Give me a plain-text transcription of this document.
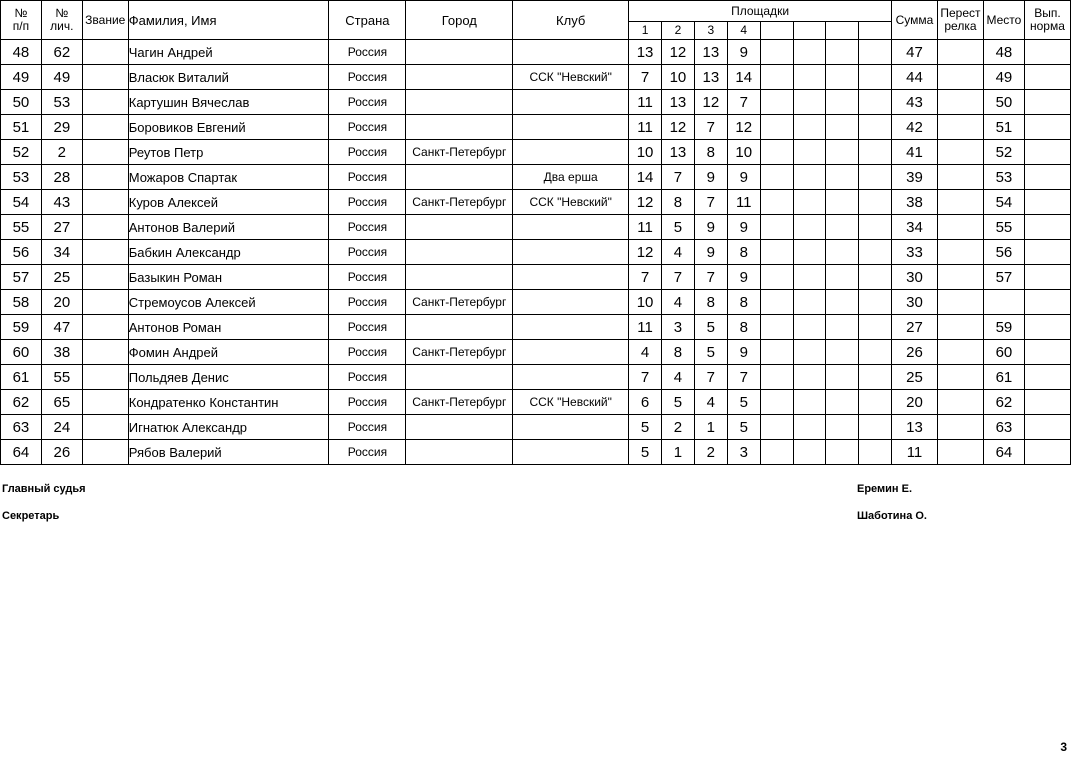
№
п/п	№
лич.	Звание	Фамилия, Имя	Страна	Город	Клуб	Площадки								Сумма	Перест
релка	Место	Вып.
норма
							1	2	3	4								
48	62		Чагин Андрей	Россия			13	12	13	9					47		48	
49	49		Власюк Виталий	Россия		ССК "Невский"	7	10	13	14					44		49	
50	53		Картушин Вячеслав	Россия			11	13	12	7					43		50	
51	29		Боровиков Евгений	Россия			11	12	7	12					42		51	
52	2		Реутов Петр	Россия	Санкт-Петербург		10	13	8	10					41		52	
53	28		Можаров Спартак	Россия		Два ерша	14	7	9	9					39		53	
54	43		Куров Алексей	Россия	Санкт-Петербург	ССК "Невский"	12	8	7	11					38		54	
55	27		Антонов Валерий	Россия			11	5	9	9					34		55	
56	34		Бабкин Александр	Россия			12	4	9	8					33		56	
57	25		Базыкин Роман	Россия			7	7	7	9					30		57	
58	20		Стремоусов Алексей	Россия	Санкт-Петербург		10	4	8	8					30			
59	47		Антонов Роман	Россия			11	3	5	8					27		59	
60	38		Фомин Андрей	Россия	Санкт-Петербург		4	8	5	9					26		60	
61	55		Польдяев Денис	Россия			7	4	7	7					25		61	
62	65		Кондратенко Константин	Россия	Санкт-Петербург	ССК "Невский"	6	5	4	5					20		62	
63	24		Игнатюк Александр	Россия			5	2	1	5					13		63	
64	26		Рябов Валерий	Россия			5	1	2	3					11		64	
Главный судья	Еремин Е.
Секретарь	Шаботина О.
3
